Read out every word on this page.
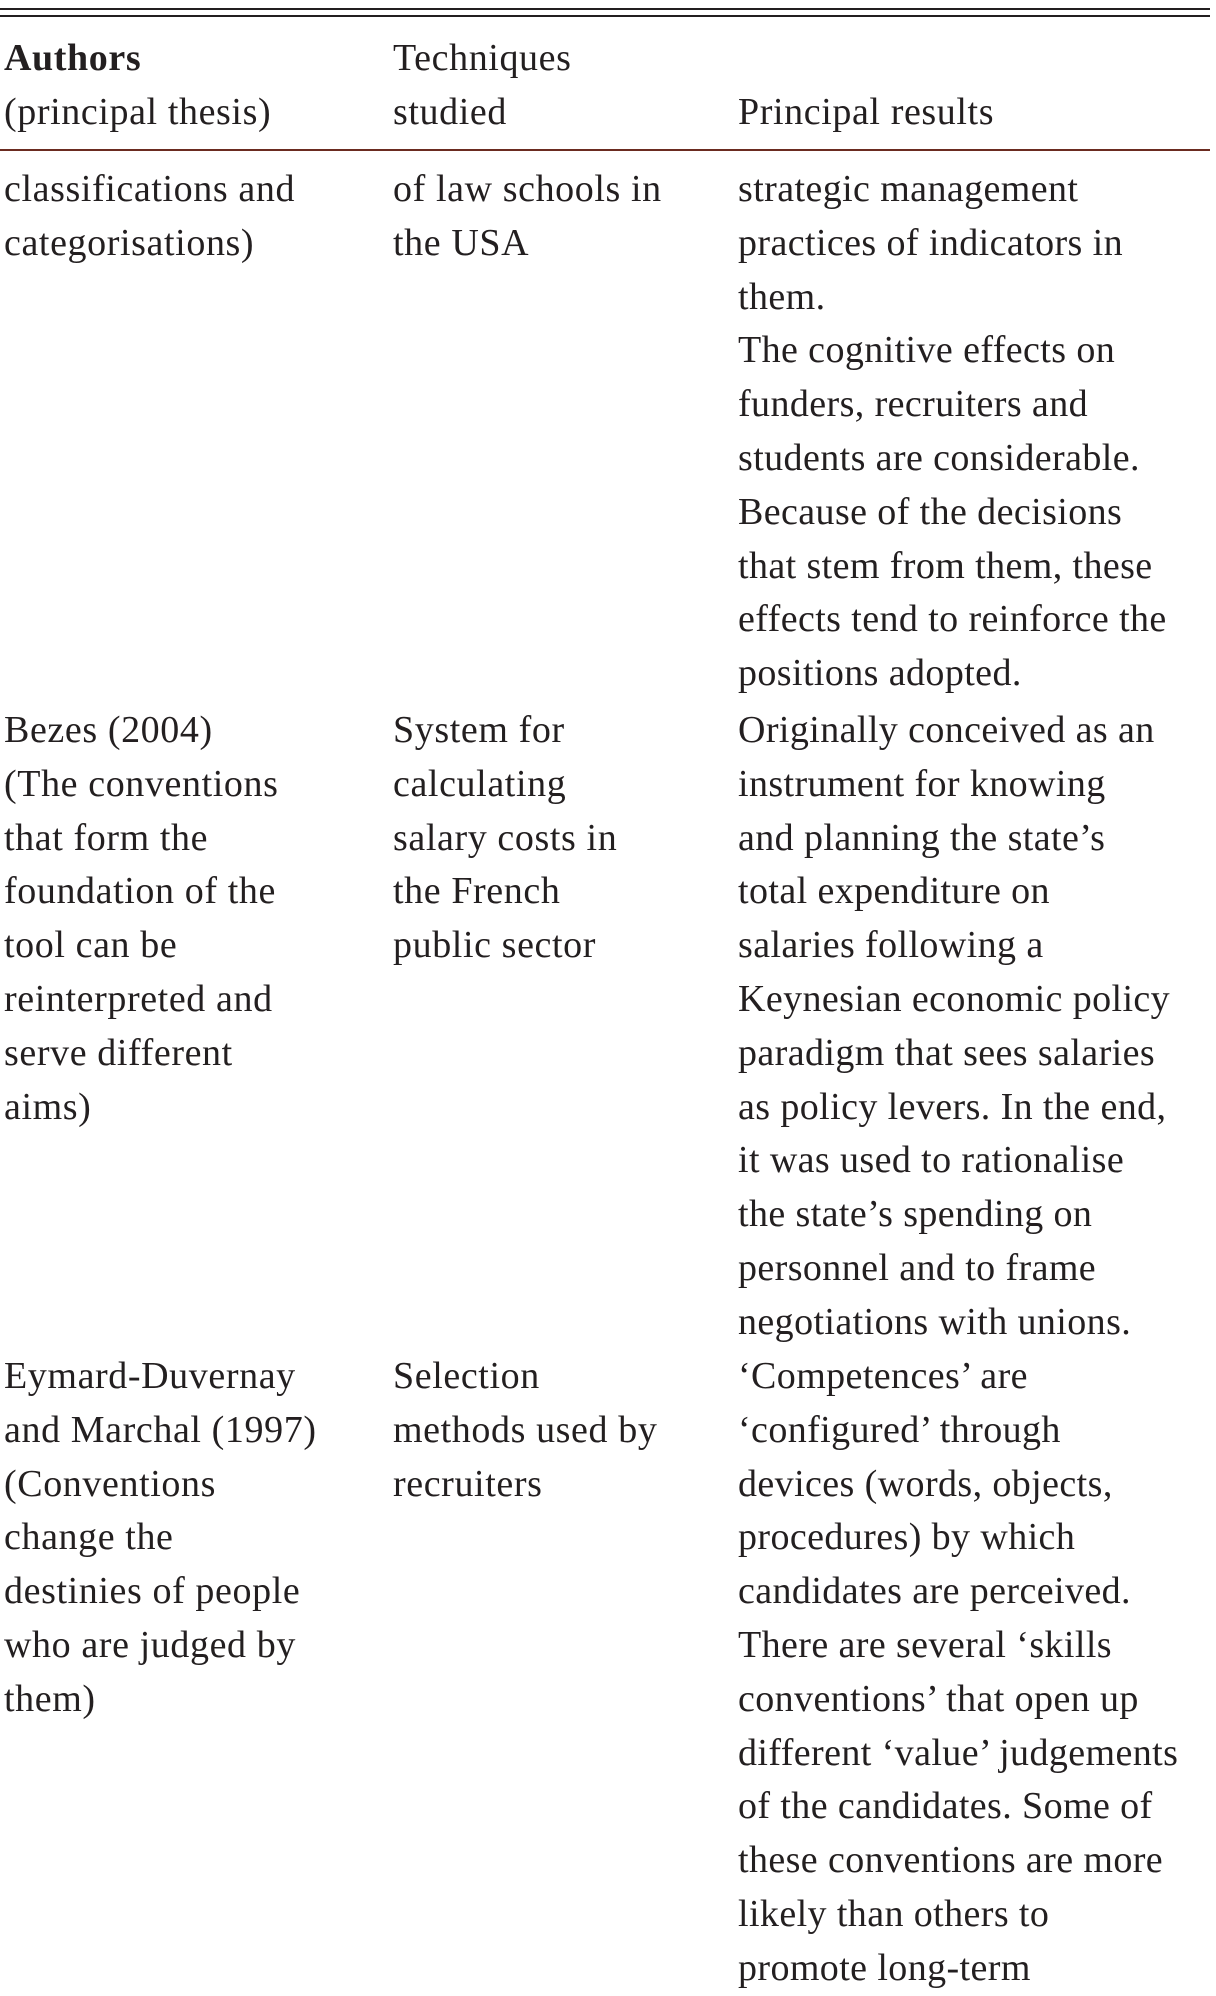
Authors
(principal thesis)
Techniques
studied	Principal results
classifications and
categorisations)
of law schools in
the USA
strategic management
practices of indicators in
them.
The cognitive effects on
funders, recruiters and
students are considerable.
Because of the decisions
that stem from them, these
effects tend to reinforce the
positions adopted.
Bezes (2004)
(The conventions
that form the
foundation of the
tool can be
reinterpreted and
serve different
aims)
System for
calculating
salary costs in
the French
public sector
Originally conceived as an
instrument for knowing
and planning the state’s
total expenditure on
salaries following a
Keynesian economic policy
paradigm that sees salaries
as policy levers. In the end,
it was used to rationalise
the state’s spending on
personnel and to frame
negotiations with unions.
Eymard-Duvernay
and Marchal (1997)
(Conventions
change the
destinies of people
who are judged by
them)
Selection
methods used by
recruiters
‘Competences’ are
‘configured’ through
devices (words, objects,
procedures) by which
candidates are perceived.
There are several ‘skills
conventions’ that open up
different ‘value’ judgements
of the candidates. Some of
these conventions are more
likely than others to
promote long-term
